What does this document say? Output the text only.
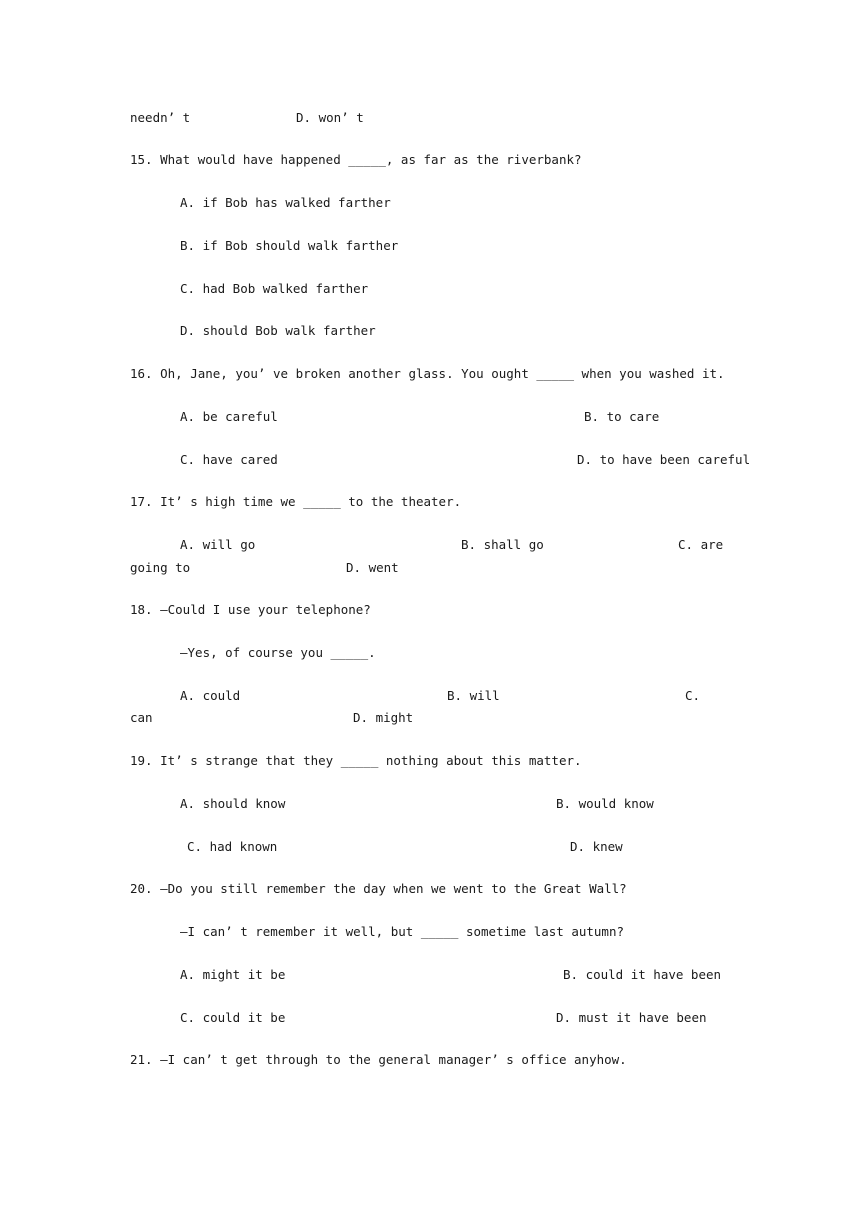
needn’ t	D. won’ t
15. What would have happened _____, as far as the riverbank?
A. if Bob has walked farther
B. if Bob should walk farther
C. had Bob walked farther
D. should Bob walk farther
16. Oh, Jane, you’ ve broken another glass. You ought _____ when you washed it.
A. be careful	B. to care
C. have cared	D. to have been careful
17. It’ s high time we _____ to the theater.
A. will go	B. shall go	C. are
going to	D. went
18. —Could I use your telephone?
—Yes, of course you _____.
A. could	B. will	C.
can	D. might
19. It’ s strange that they _____ nothing about this matter.
A. should know	B. would know
C. had known	D. knew
20. —Do you still remember the day when we went to the Great Wall?
—I can’ t remember it well, but _____ sometime last autumn?
A. might it be	B. could it have been
C. could it be	D. must it have been
21. —I can’ t get through to the general manager’ s office anyhow.
